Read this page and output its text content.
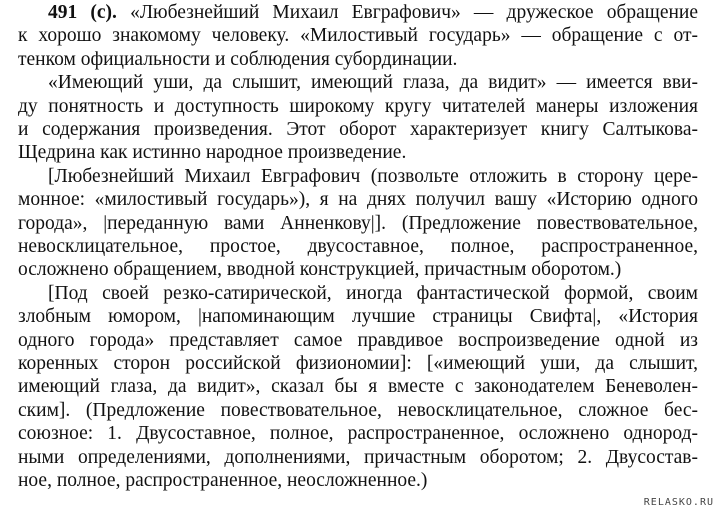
491 (с). «Любезнейший Михаил Евграфович» — дружеское обращение
к хорошо знакомому человеку. «Милостивый государь» — обращение с от-
тенком официальности и соблюдения субординации.
«Имеющий уши, да слышит, имеющий глаза, да видит» — имеется вви-
ду понятность и доступность широкому кругу читателей манеры изложения
и содержания произведения. Этот оборот характеризует книгу Салтыкова-
Щедрина как истинно народное произведение.
[Любезнейший Михаил Евграфович (позвольте отложить в сторону цере-
монное: «милостивый государь»), я на днях получил вашу «Историю одного
города», |переданную вами Анненкову|]. (Предложение повествовательное,
невосклицательное, простое, двусоставное, полное, распространенное,
осложнено обращением, вводной конструкцией, причастным оборотом.)
[Под своей резко-сатирической, иногда фантастической формой, своим
злобным юмором, |напоминающим лучшие страницы Свифта|, «История
одного города» представляет самое правдивое воспроизведение одной из
коренных сторон российской физиономии]: [«имеющий уши, да слышит,
имеющий глаза, да видит», сказал бы я вместе с законодателем Беневолен-
ским]. (Предложение повествовательное, невосклицательное, сложное бес-
союзное: 1. Двусоставное, полное, распространенное, осложнено однород-
ными определениями, дополнениями, причастным оборотом; 2. Двусостав-
ное, полное, распространенное, неосложненное.)
RELASKO.RU
